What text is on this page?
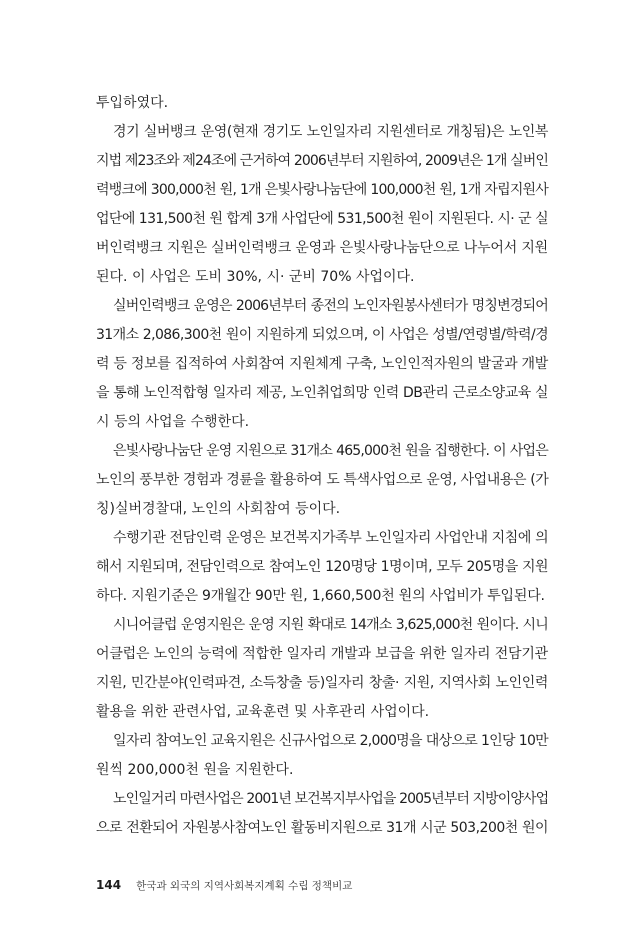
투입하였다.
경기 실버뱅크 운영(현재 경기도 노인일자리 지원센터로 개칭됨)은 노인복
지법 제23조와 제24조에 근거하여 2006년부터 지원하여, 2009년은 1개 실버인
력뱅크에 300,000천 원, 1개 은빛사랑나눔단에 100,000천 원, 1개 자립지원사
업단에 131,500천 원 합계 3개 사업단에 531,500천 원이 지원된다. 시· 군 실
버인력뱅크 지원은 실버인력뱅크 운영과 은빛사랑나눔단으로 나누어서 지원
된다. 이 사업은 도비 30%, 시· 군비 70% 사업이다.
실버인력뱅크 운영은 2006년부터 종전의 노인자원봉사센터가 명칭변경되어
31개소 2,086,300천 원이 지원하게 되었으며, 이 사업은 성별/연령별/학력/경
력 등 정보를 집적하여 사회참여 지원체계 구축, 노인인적자원의 발굴과 개발
을 통해 노인적합형 일자리 제공, 노인취업희망 인력 DB관리 근로소양교육 실
시 등의 사업을 수행한다.
은빛사랑나눔단 운영 지원으로 31개소 465,000천 원을 집행한다. 이 사업은
노인의 풍부한 경험과 경륜을 활용하여 도 특색사업으로 운영, 사업내용은 (가
칭)실버경찰대, 노인의 사회참여 등이다.
수행기관 전담인력 운영은 보건복지가족부 노인일자리 사업안내 지침에 의
해서 지원되며, 전담인력으로 참여노인 120명당 1명이며, 모두 205명을 지원
하다. 지원기준은 9개월간 90만 원, 1,660,500천 원의 사업비가 투입된다.
시니어클럽 운영지원은 운영 지원 확대로 14개소 3,625,000천 원이다. 시니
어클럽은 노인의 능력에 적합한 일자리 개발과 보급을 위한 일자리 전담기관
지원, 민간분야(인력파견, 소득창출 등)일자리 창출· 지원, 지역사회 노인인력
활용을 위한 관련사업, 교육훈련 및 사후관리 사업이다.
일자리 참여노인 교육지원은 신규사업으로 2,000명을 대상으로 1인당 10만
원씩 200,000천 원을 지원한다.
노인일거리 마련사업은 2001년 보건복지부사업을 2005년부터 지방이양사업
으로 전환되어 자원봉사참여노인 활동비지원으로 31개 시군 503,200천 원이
144 한국과 외국의 지역사회복지계획 수립 정책비교
